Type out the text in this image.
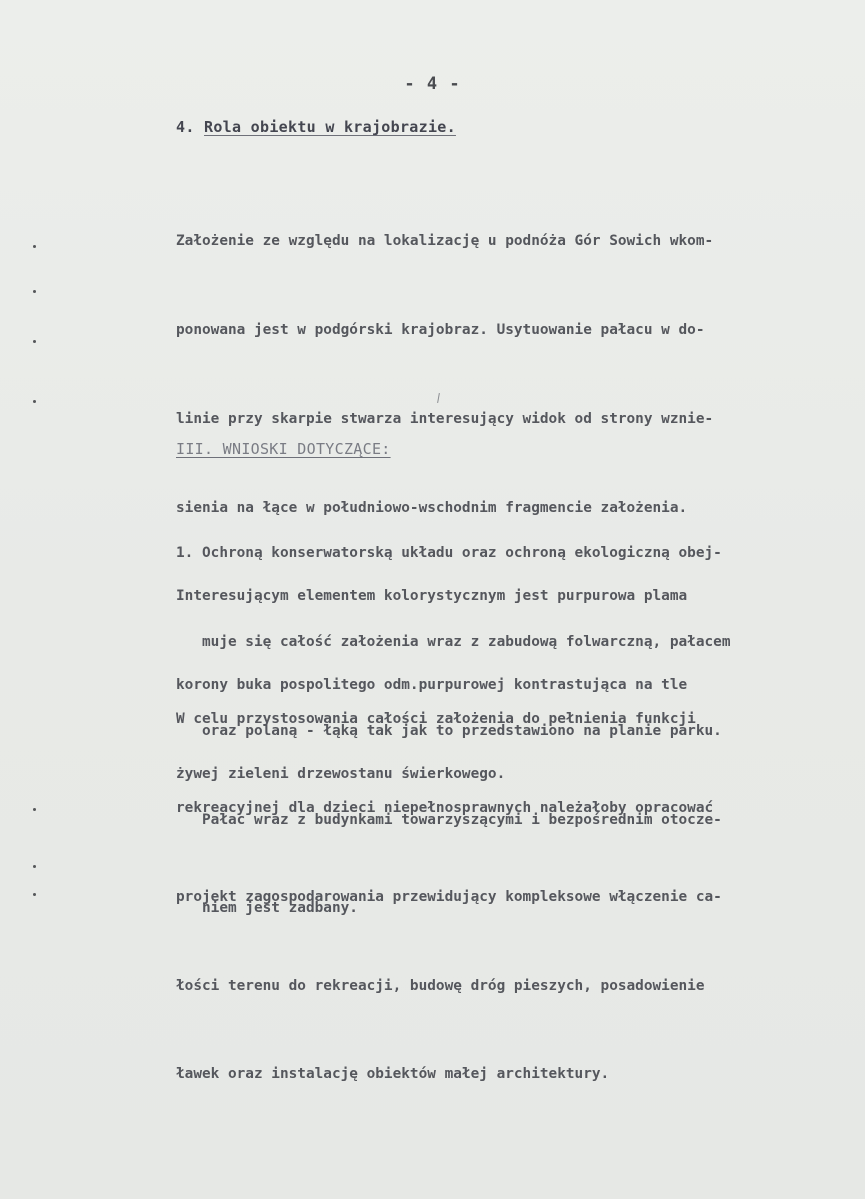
- 4 -
4. Rola obiektu w krajobrazie.

Założenie ze względu na lokalizację u podnóża Gór Sowich wkom-

ponowana jest w podgórski krajobraz. Usytuowanie pałacu w do-

linie przy skarpie stwarza interesujący widok od strony wznie-

sienia na łące w południowo-wschodnim fragmencie założenia.

Interesującym elementem kolorystycznym jest purpurowa plama

korony buka pospolitego odm.purpurowej kontrastująca na tle

żywej zieleni drzewostanu świerkowego.

III. WNIOSKI DOTYCZĄCE:

1. Ochroną konserwatorską układu oraz ochroną ekologiczną obej-

muje się całość założenia wraz z zabudową folwarczną, pałacem

oraz polaną - łąką tak jak to przedstawiono na planie parku.

Pałac wraz z budynkami towarzyszącymi i bezpośrednim otocze-

niem jest zadbany.

W celu przystosowania całości założenia do pełnienia funkcji

rekreacyjnej dla dzieci niepełnosprawnych należałoby opracować

projekt zagospodarowania przewidujący kompleksowe włączenie ca-

łości terenu do rekreacji, budowę dróg pieszych, posadowienie

ławek oraz instalację obiektów małej architektury.
